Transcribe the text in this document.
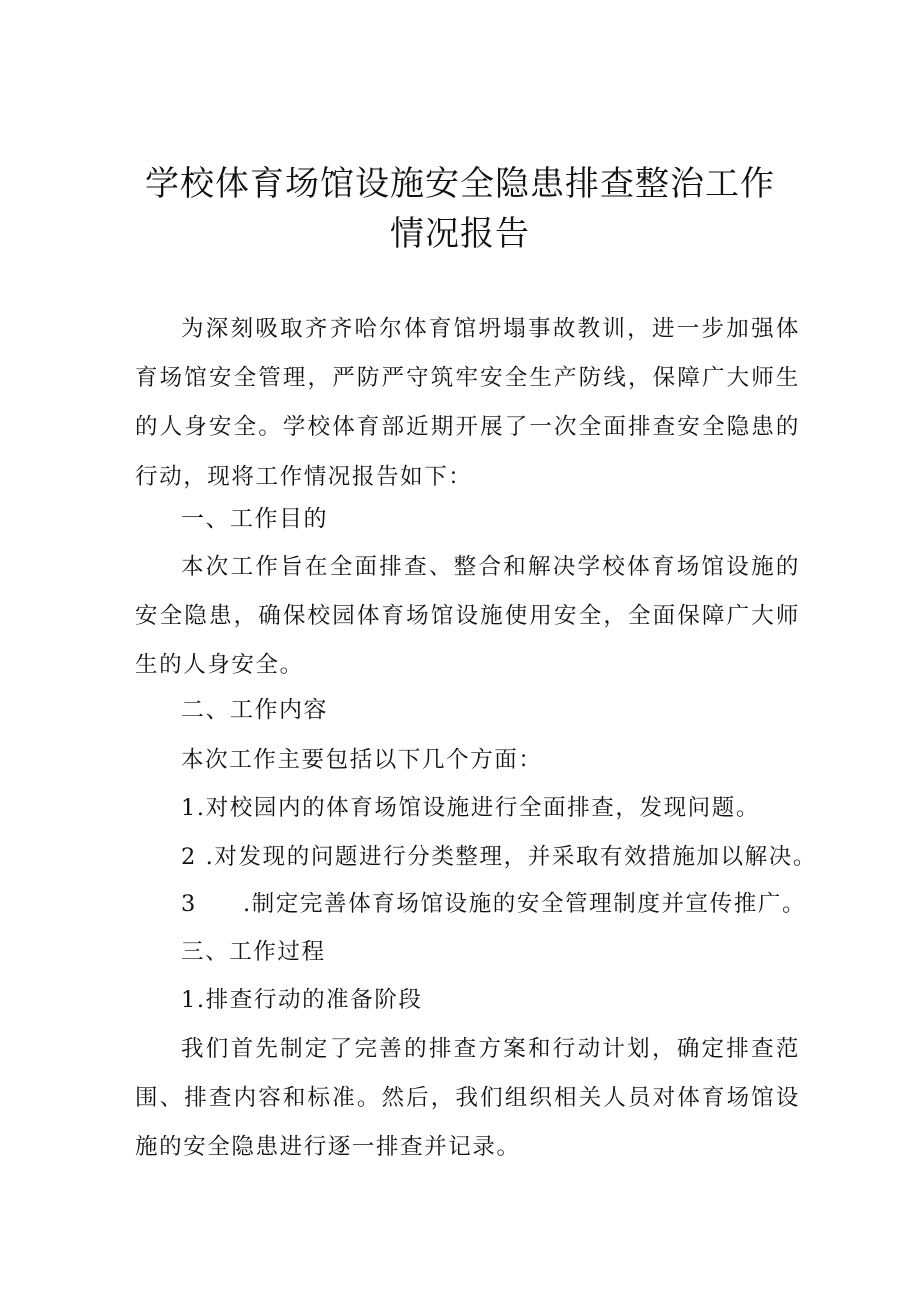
学校体育场馆设施安全隐患排查整治工作
情况报告

为深刻吸取齐齐哈尔体育馆坍塌事故教训，进一步加强体育场馆安全管理，严防严守筑牢安全生产防线，保障广大师生的人身安全。学校体育部近期开展了一次全面排查安全隐患的行动，现将工作情况报告如下：

一、工作目的

本次工作旨在全面排查、整合和解决学校体育场馆设施的安全隐患，确保校园体育场馆设施使用安全，全面保障广大师生的人身安全。

二、工作内容
本次工作主要包括以下几个方面：
1.对校园内的体育场馆设施进行全面排查，发现问题。
2 .对发现的问题进行分类整理，并采取有效措施加以解决。
3 .制定完善体育场馆设施的安全管理制度并宣传推广。
三、工作过程
1.排查行动的准备阶段

我们首先制定了完善的排查方案和行动计划，确定排查范围、排查内容和标准。然后，我们组织相关人员对体育场馆设施的安全隐患进行逐一排查并记录。
